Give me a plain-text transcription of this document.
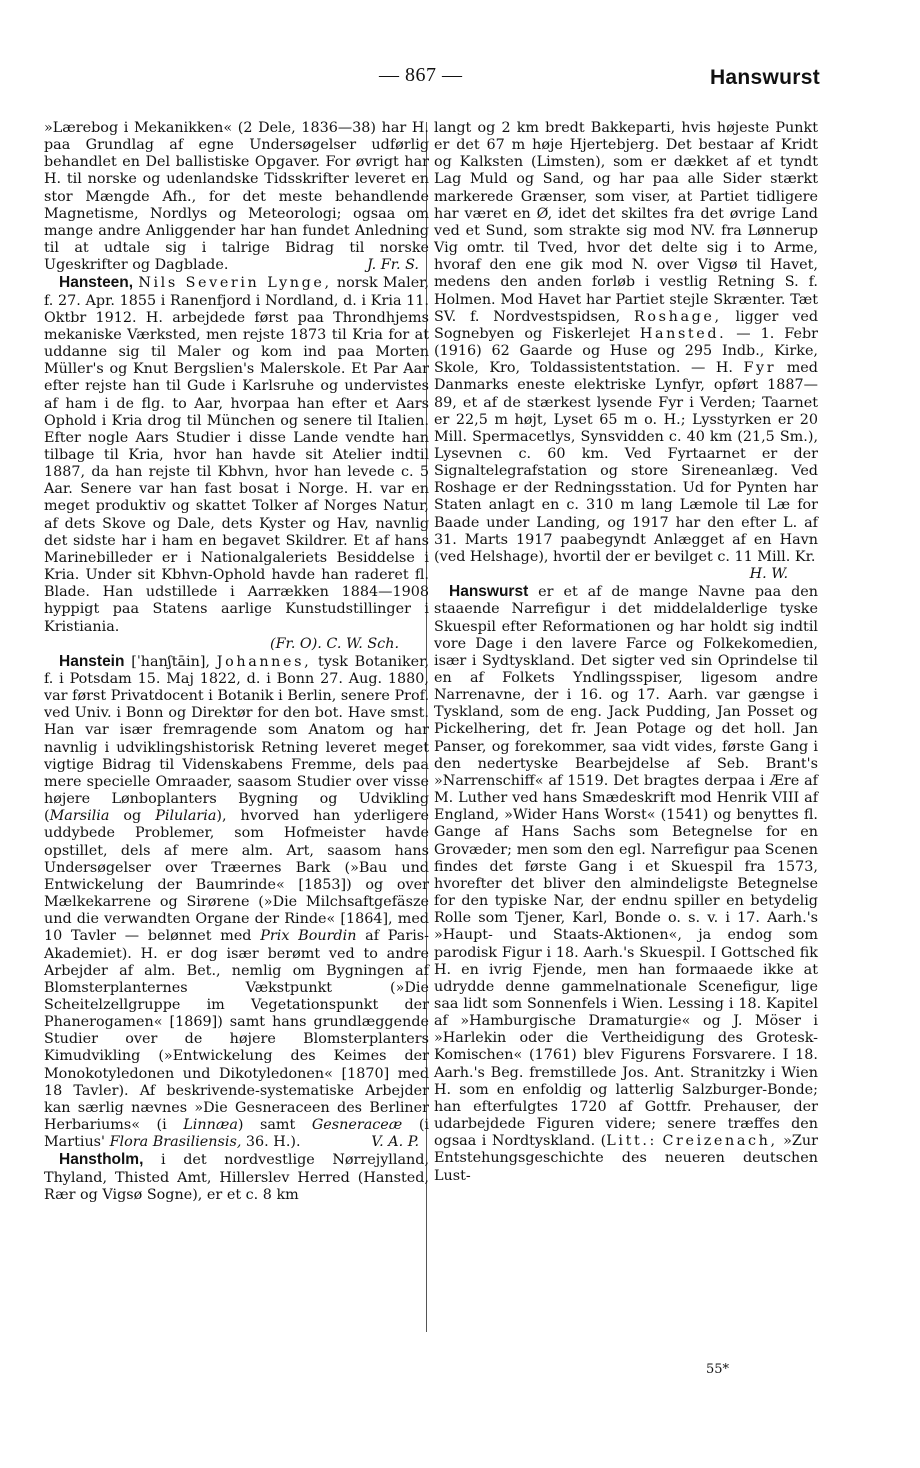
— 867 —	Hanswurst

»Lærebog i Mekanikken« (2 Dele, 1836—38) har H. paa Grundlag af egne Undersøgelser udførlig behandlet en Del ballistiske Opgaver. For øvrigt har H. til norske og udenlandske Tidsskrifter leveret en stor Mængde Afh., for det meste behandlende Magnetisme, Nordlys og Meteorologi; ogsaa om mange andre Anliggender har han fundet Anledning til at udtale sig i talrige Bidrag til norske Ugeskrifter og Dagblade.	J. Fr. S.

Hansteen, Nils Severin Lynge, norsk Maler, f. 27. Apr. 1855 i Ranenfjord i Nordland, d. i Kria 11. Oktbr 1912. H. arbejdede først paa Throndhjems mekaniske Værksted, men rejste 1873 til Kria for at uddanne sig til Maler og kom ind paa Morten Müller's og Knut Bergslien's Malerskole. Et Par Aar efter rejste han til Gude i Karlsruhe og undervistes af ham i de flg. to Aar, hvorpaa han efter et Aars Ophold i Kria drog til München og senere til Italien. Efter nogle Aars Studier i disse Lande vendte han tilbage til Kria, hvor han havde sit Atelier indtil 1887, da han rejste til Kbhvn, hvor han levede c. 5 Aar. Senere var han fast bosat i Norge. H. var en meget produktiv og skattet Tolker af Norges Natur, af dets Skove og Dale, dets Kyster og Hav, navnlig det sidste har i ham en begavet Skildrer. Et af hans Marinebilleder er i Nationalgaleriets Besiddelse i Kria. Under sit Kbhvn-Ophold havde han raderet fl. Blade. Han udstillede i Aarrækken 1884—1908 hyppigt paa Statens aarlige Kunstudstillinger i Kristiania.
(Fr. O). C. W. Sch.

Hanstein [ˈhanʃtāin], Johannes, tysk Botaniker, f. i Potsdam 15. Maj 1822, d. i Bonn 27. Aug. 1880, var først Privatdocent i Botanik i Berlin, senere Prof. ved Univ. i Bonn og Direktør for den bot. Have smst. Han var især fremragende som Anatom og har navnlig i udviklingshistorisk Retning leveret meget vigtige Bidrag til Videnskabens Fremme, dels paa mere specielle Omraader, saasom Studier over visse højere Lønboplanters Bygning og Udvikling (Marsilia og Pilularia), hvorved han yderligere uddybede Problemer, som Hofmeister havde opstillet, dels af mere alm. Art, saasom hans Undersøgelser over Træernes Bark (»Bau und Entwickelung der Baumrinde« [1853]) og over Mælkekarrene og Sirørene (»Die Milchsaftgefäsze und die verwandten Organe der Rinde« [1864], med 10 Tavler — belønnet med Prix Bourdin af Paris-Akademiet). H. er dog især berømt ved to andre Arbejder af alm. Bet., nemlig om Bygningen af Blomsterplanternes Vækstpunkt (»Die Scheitelzellgruppe im Vegetationspunkt der Phanerogamen« [1869]) samt hans grundlæggende Studier over de højere Blomsterplanters Kimudvikling (»Entwickelung des Keimes der Monokotyledonen und Dikotyledonen« [1870] med 18 Tavler). Af beskrivende-systematiske Arbejder kan særlig nævnes »Die Gesneraceen des Berliner Herbariums« (i Linnæa) samt Gesneraceæ (i Martius' Flora Brasiliensis, 36. H.).	V. A. P.

Hanstholm, i det nordvestlige Nørrejylland, Thyland, Thisted Amt, Hillerslev Herred (Hansted, Rær og Vigsø Sogne), er et c. 8 km

langt og 2 km bredt Bakkeparti, hvis højeste Punkt er det 67 m høje Hjertebjerg. Det bestaar af Kridt og Kalksten (Limsten), som er dækket af et tyndt Lag Muld og Sand, og har paa alle Sider stærkt markerede Grænser, som viser, at Partiet tidligere har været en Ø, idet det skiltes fra det øvrige Land ved et Sund, som strakte sig mod NV. fra Lønnerup Vig omtr. til Tved, hvor det delte sig i to Arme, hvoraf den ene gik mod N. over Vigsø til Havet, medens den anden forløb i vestlig Retning S. f. Holmen. Mod Havet har Partiet stejle Skrænter. Tæt SV. f. Nordvestspidsen, Roshage, ligger ved Sognebyen og Fiskerlejet Hansted. — 1. Febr (1916) 62 Gaarde og Huse og 295 Indb., Kirke, Skole, Kro, Toldassistentstation. — H. Fyr med Danmarks eneste elektriske Lynfyr, opført 1887—89, et af de stærkest lysende Fyr i Verden; Taarnet er 22,5 m højt, Lyset 65 m o. H.; Lysstyrken er 20 Mill. Spermacetlys, Synsvidden c. 40 km (21,5 Sm.), Lysevnen c. 60 km. Ved Fyrtaarnet er der Signaltelegrafstation og store Sireneanlæg. Ved Roshage er der Redningsstation. Ud for Pynten har Staten anlagt en c. 310 m lang Læmole til Læ for Baade under Landing, og 1917 har den efter L. af 31. Marts 1917 paabegyndt Anlægget af en Havn (ved Helshage), hvortil der er bevilget c. 11 Mill. Kr.
H. W.

Hanswurst er et af de mange Navne paa den staaende Narrefigur i det middelalderlige tyske Skuespil efter Reformationen og har holdt sig indtil vore Dage i den lavere Farce og Folkekomedien, især i Sydtyskland. Det sigter ved sin Oprindelse til en af Folkets Yndlingsspiser, ligesom andre Narrenavne, der i 16. og 17. Aarh. var gængse i Tyskland, som de eng. Jack Pudding, Jan Posset og Pickelhering, det fr. Jean Potage og det holl. Jan Panser, og forekommer, saa vidt vides, første Gang i den nedertyske Bearbejdelse af Seb. Brant's »Narrenschiff« af 1519. Det bragtes derpaa i Ære af M. Luther ved hans Smædeskrift mod Henrik VIII af England, »Wider Hans Worst« (1541) og benyttes fl. Gange af Hans Sachs som Betegnelse for en Grovæder; men som den egl. Narrefigur paa Scenen findes det første Gang i et Skuespil fra 1573, hvorefter det bliver den almindeligste Betegnelse for den typiske Nar, der endnu spiller en betydelig Rolle som Tjener, Karl, Bonde o. s. v. i 17. Aarh.'s »Haupt- und Staats-Aktionen«, ja endog som parodisk Figur i 18. Aarh.'s Skuespil. I Gottsched fik H. en ivrig Fjende, men han formaaede ikke at udrydde denne gammelnationale Scenefigur, lige saa lidt som Sonnenfels i Wien. Lessing i 18. Kapitel af »Hamburgische Dramaturgie« og J. Möser i »Harlekin oder die Vertheidigung des Grotesk-Komischen« (1761) blev Figurens Forsvarere. I 18. Aarh.'s Beg. fremstillede Jos. Ant. Stranitzky i Wien H. som en enfoldig og latterlig Salzburger-Bonde; han efterfulgtes 1720 af Gottfr. Prehauser, der udarbejdede Figuren videre; senere træffes den ogsaa i Nordtyskland. (Litt.: Creizenach, »Zur Entstehungsgeschichte des neueren deutschen Lust-

55*
